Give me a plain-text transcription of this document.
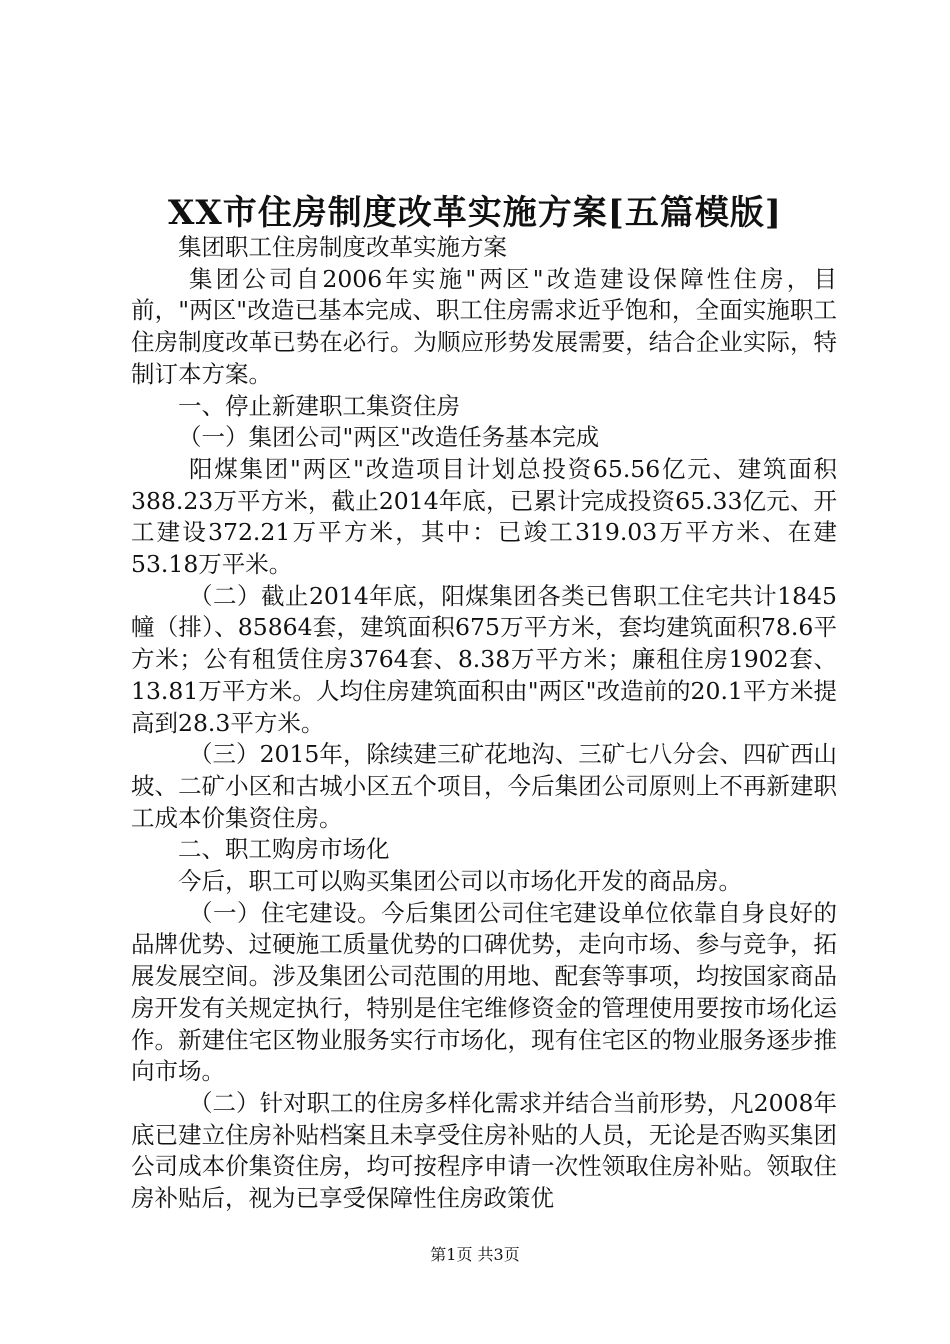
XX市住房制度改革实施方案[五篇模版]

集团职工住房制度改革实施方案

集团公司自2006年实施"两区"改造建设保障性住房，目前，"两区"改造已基本完成、职工住房需求近乎饱和，全面实施职工住房制度改革已势在必行。为顺应形势发展需要，结合企业实际，特制订本方案。

一、停止新建职工集资住房

（一）集团公司"两区"改造任务基本完成

阳煤集团"两区"改造项目计划总投资65.56亿元、建筑面积388.23万平方米，截止2014年底，已累计完成投资65.33亿元、开工建设372.21万平方米，其中：已竣工319.03万平方米、在建53.18万平米。

（二）截止2014年底，阳煤集团各类已售职工住宅共计1845幢（排）、85864套，建筑面积675万平方米，套均建筑面积78.6平方米；公有租赁住房3764套、8.38万平方米；廉租住房1902套、13.81万平方米。人均住房建筑面积由"两区"改造前的20.1平方米提高到28.3平方米。

（三）2015年，除续建三矿花地沟、三矿七八分会、四矿西山坡、二矿小区和古城小区五个项目，今后集团公司原则上不再新建职工成本价集资住房。

二、职工购房市场化

今后，职工可以购买集团公司以市场化开发的商品房。

（一）住宅建设。今后集团公司住宅建设单位依靠自身良好的品牌优势、过硬施工质量优势的口碑优势，走向市场、参与竞争，拓展发展空间。涉及集团公司范围的用地、配套等事项，均按国家商品房开发有关规定执行，特别是住宅维修资金的管理使用要按市场化运作。新建住宅区物业服务实行市场化，现有住宅区的物业服务逐步推向市场。

（二）针对职工的住房多样化需求并结合当前形势，凡2008年底已建立住房补贴档案且未享受住房补贴的人员，无论是否购买集团公司成本价集资住房，均可按程序申请一次性领取住房补贴。领取住房补贴后，视为已享受保障性住房政策优

第1页 共3页
